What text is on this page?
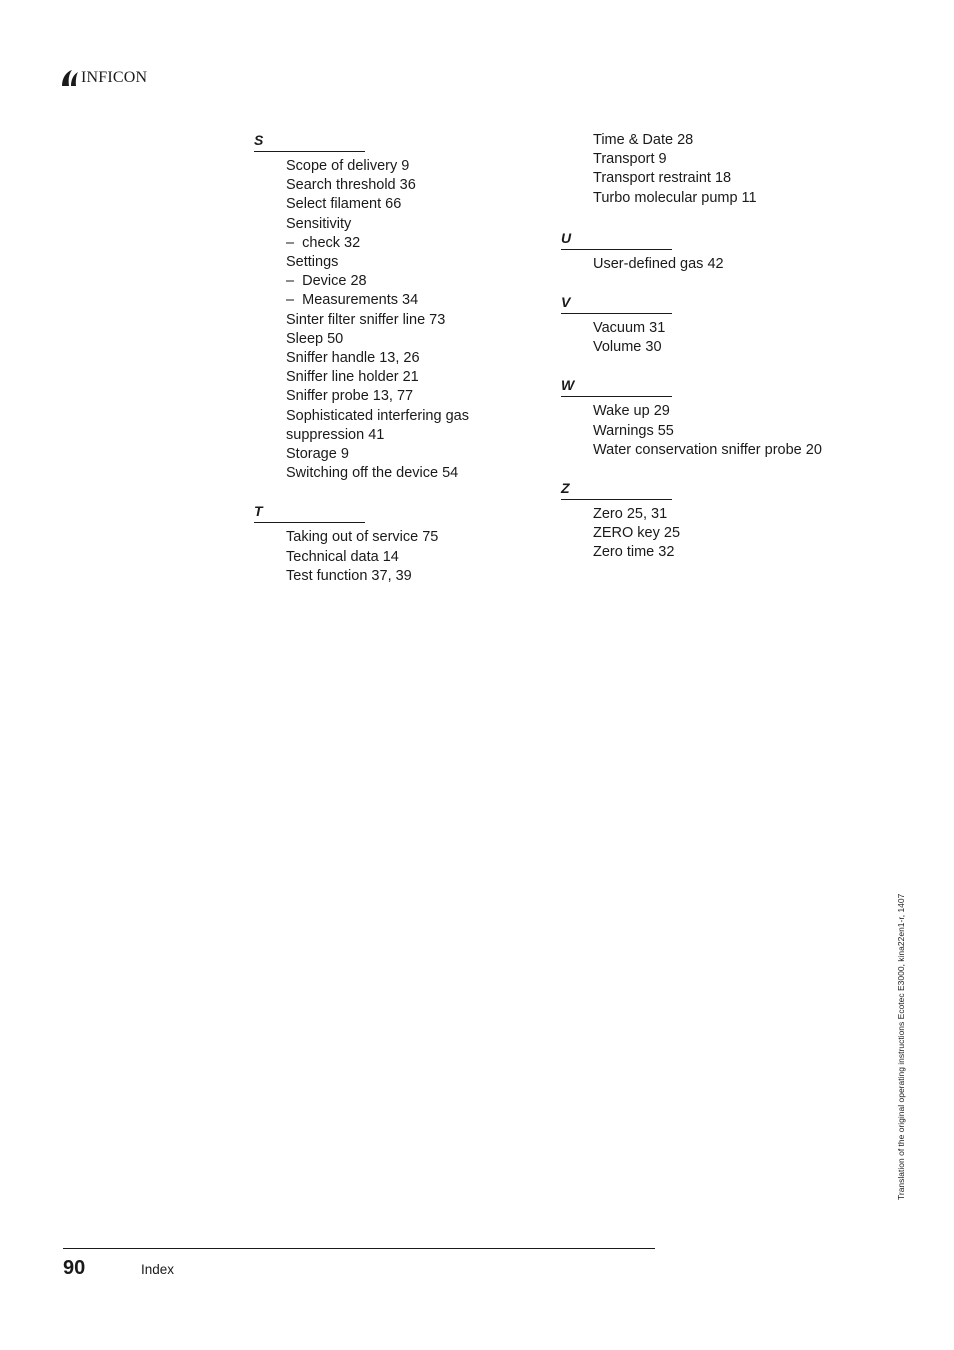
INFICON
S
Scope of delivery 9
Search threshold 36
Select filament 66
Sensitivity
–  check 32
Settings
–  Device 28
–  Measurements 34
Sinter filter sniffer line 73
Sleep 50
Sniffer handle 13, 26
Sniffer line holder 21
Sniffer probe 13, 77
Sophisticated interfering gas
suppression 41
Storage 9
Switching off the device 54
T
Taking out of service 75
Technical data 14
Test function 37, 39
Time & Date 28
Transport 9
Transport restraint 18
Turbo molecular pump 11
U
User-defined gas 42
V
Vacuum 31
Volume 30
W
Wake up 29
Warnings 55
Water conservation sniffer probe 20
Z
Zero 25, 31
ZERO key 25
Zero time 32
Translation of the original operating instructions Ecotec E3000, kina22en1-r, 1407
90	Index
